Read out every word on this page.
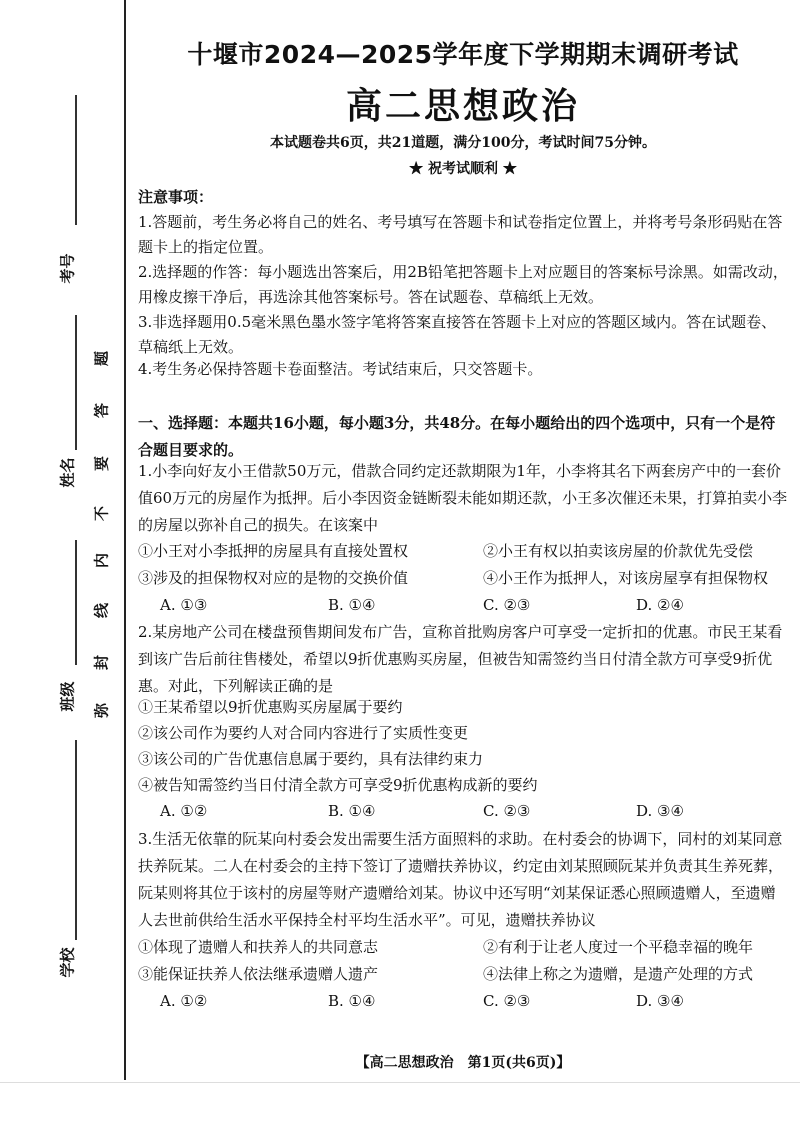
考号
姓名
班级
学校
弥
封
线
内
不
要
答
题
十堰市2024—2025学年度下学期期末调研考试
高二思想政治
本试题卷共6页，共21道题，满分100分，考试时间75分钟。
★ 祝考试顺利 ★
注意事项：
1.答题前，考生务必将自己的姓名、考号填写在答题卡和试卷指定位置上，并将考号条形码贴在答题卡上的指定位置。
2.选择题的作答：每小题选出答案后，用2B铅笔把答题卡上对应题目的答案标号涂黑。如需改动，用橡皮擦干净后，再选涂其他答案标号。答在试题卷、草稿纸上无效。
3.非选择题用0.5毫米黑色墨水签字笔将答案直接答在答题卡上对应的答题区域内。答在试题卷、草稿纸上无效。
4.考生务必保持答题卡卷面整洁。考试结束后，只交答题卡。
一、选择题：本题共16小题，每小题3分，共48分。在每小题给出的四个选项中，只有一个是符合题目要求的。
1.小李向好友小王借款50万元，借款合同约定还款期限为1年，小李将其名下两套房产中的一套价值60万元的房屋作为抵押。后小李因资金链断裂未能如期还款，小王多次催还未果，打算拍卖小李的房屋以弥补自己的损失。在该案中
①小王对小李抵押的房屋具有直接处置权	②小王有权以拍卖该房屋的价款优先受偿
③涉及的担保物权对应的是物的交换价值	④小王作为抵押人，对该房屋享有担保物权
A. ①③	B. ①④	C. ②③	D. ②④
2.某房地产公司在楼盘预售期间发布广告，宣称首批购房客户可享受一定折扣的优惠。市民王某看到该广告后前往售楼处，希望以9折优惠购买房屋，但被告知需签约当日付清全款方可享受9折优惠。对此，下列解读正确的是
①王某希望以9折优惠购买房屋属于要约
②该公司作为要约人对合同内容进行了实质性变更
③该公司的广告优惠信息属于要约，具有法律约束力
④被告知需签约当日付清全款方可享受9折优惠构成新的要约
A. ①②	B. ①④	C. ②③	D. ③④
3.生活无依靠的阮某向村委会发出需要生活方面照料的求助。在村委会的协调下，同村的刘某同意扶养阮某。二人在村委会的主持下签订了遗赠扶养协议，约定由刘某照顾阮某并负责其生养死葬，阮某则将其位于该村的房屋等财产遗赠给刘某。协议中还写明“刘某保证悉心照顾遗赠人，至遗赠人去世前供给生活水平保持全村平均生活水平”。可见，遗赠扶养协议
①体现了遗赠人和扶养人的共同意志	②有利于让老人度过一个平稳幸福的晚年
③能保证扶养人依法继承遗赠人遗产	④法律上称之为遗赠，是遗产处理的方式
A. ①②	B. ①④	C. ②③	D. ③④
【高二思想政治　第1页(共6页)】
